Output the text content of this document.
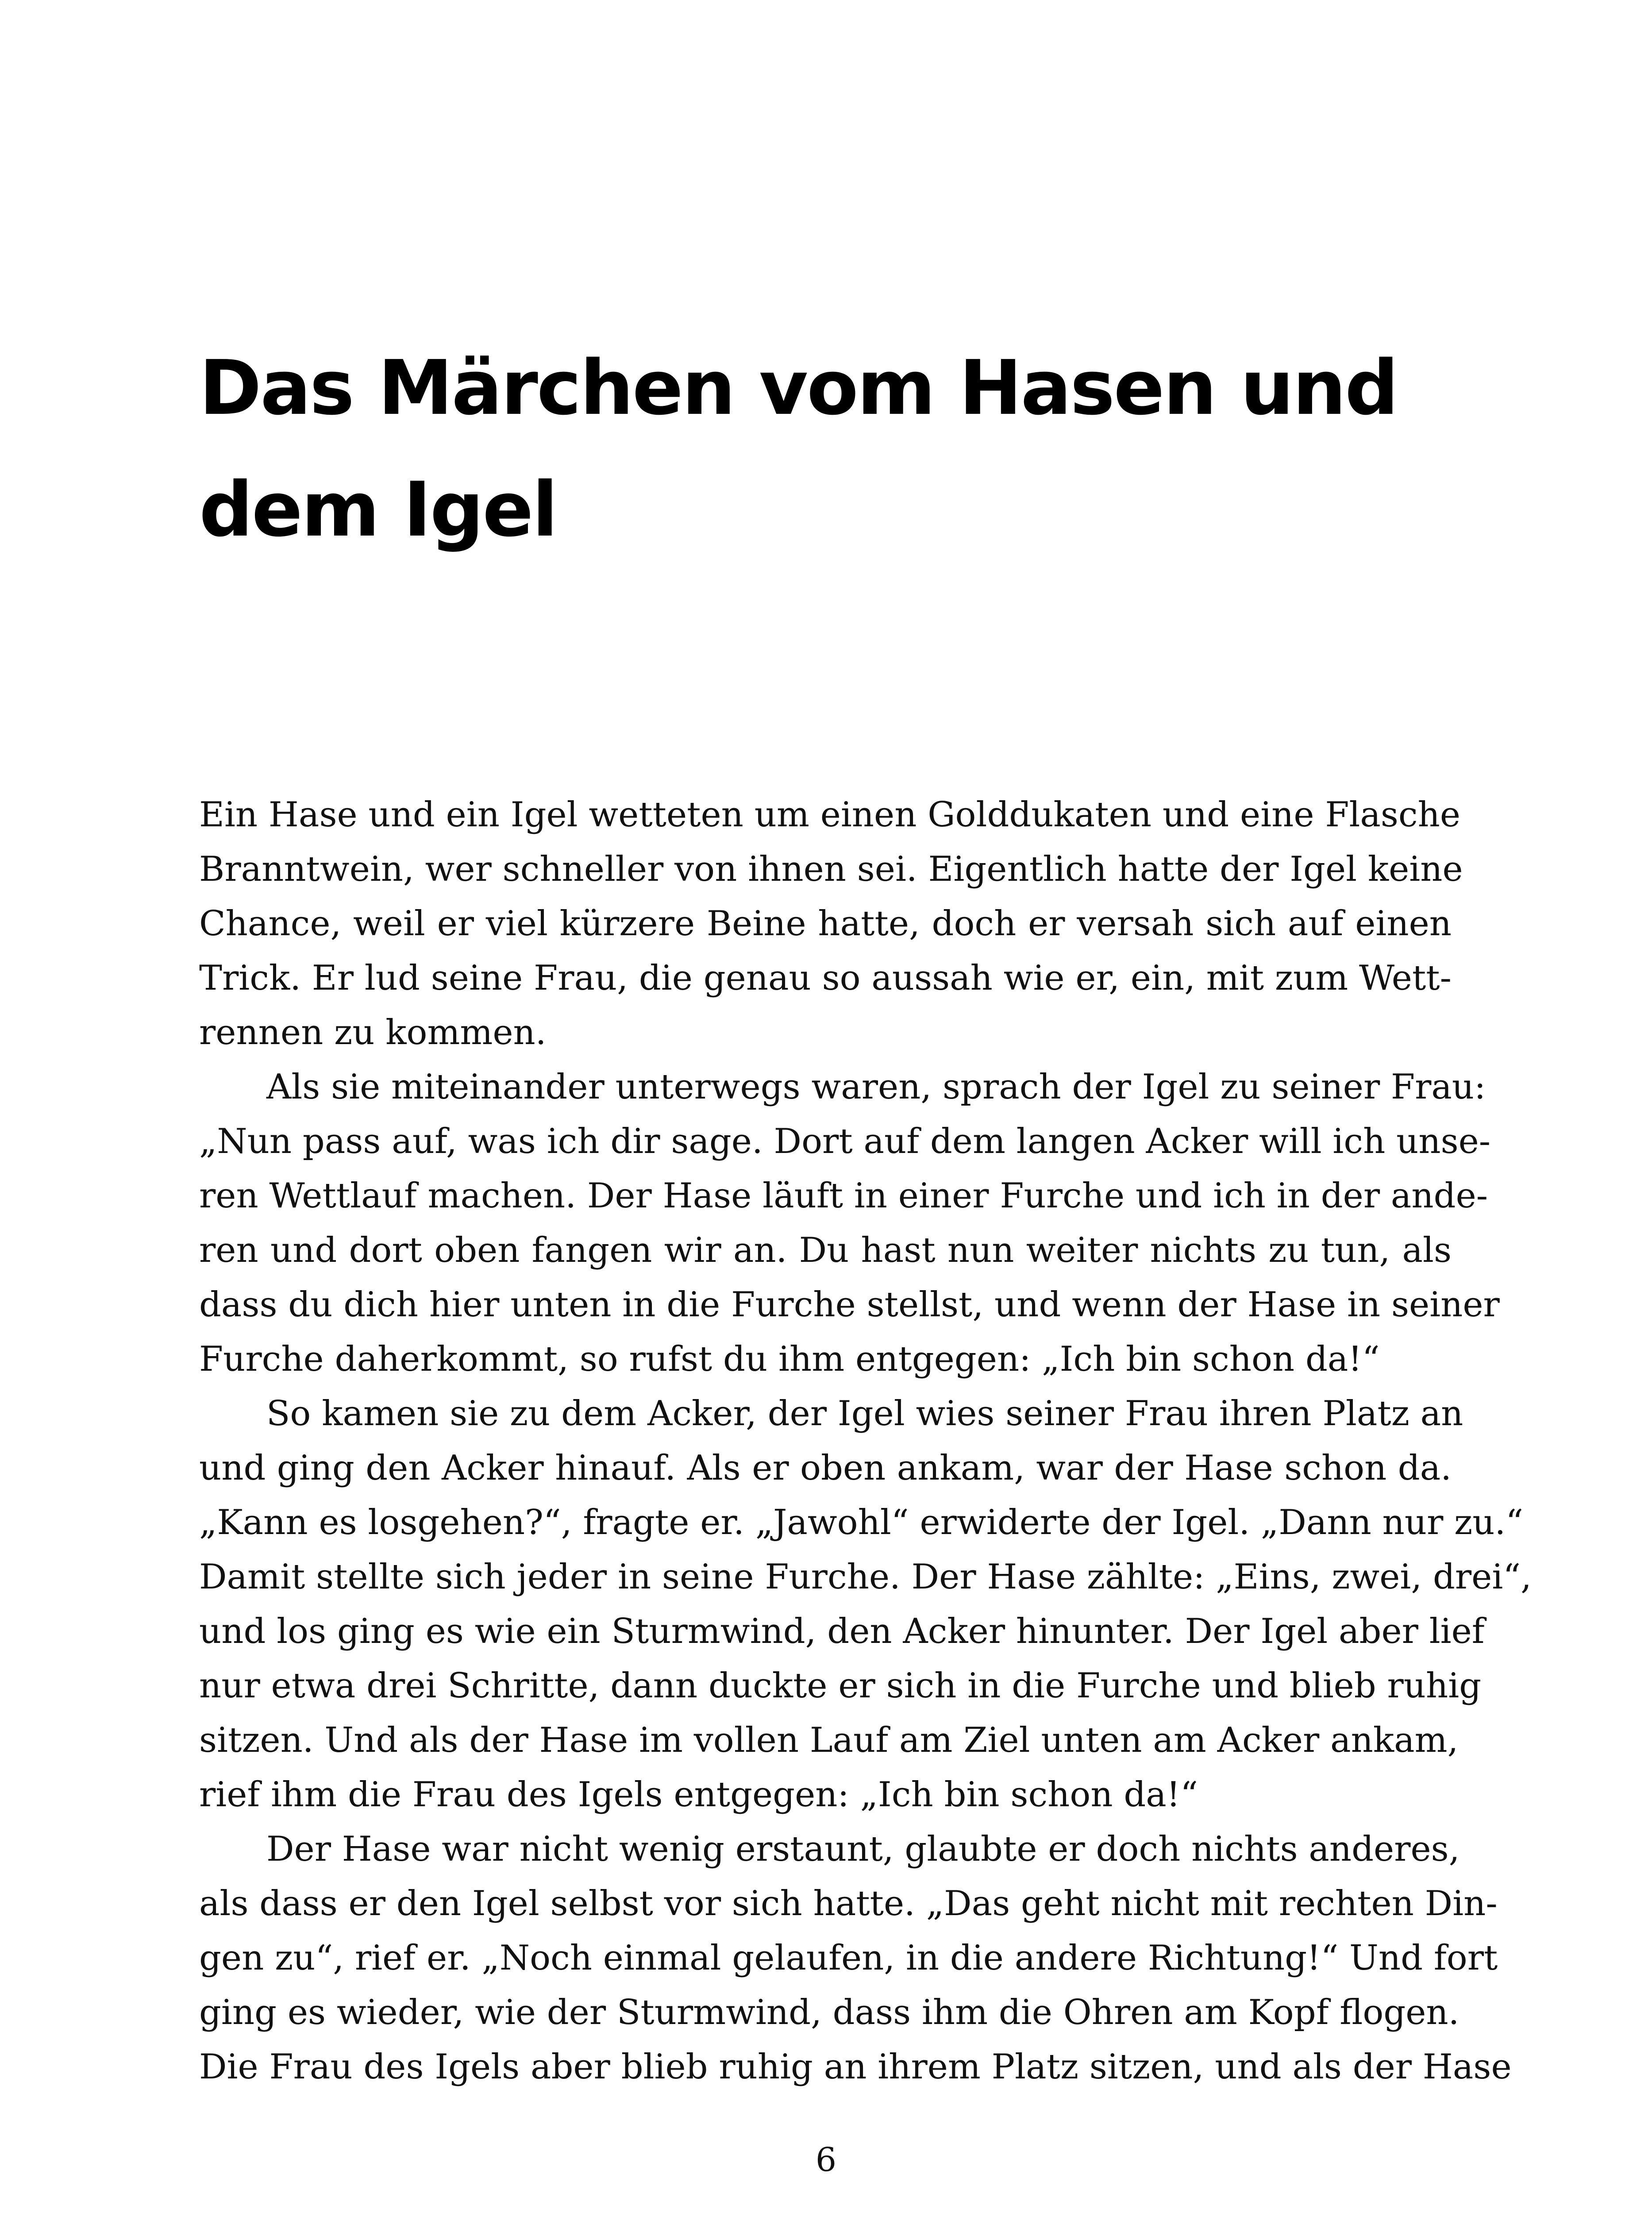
Das Märchen vom Hasen und
dem Igel
Ein Hase und ein Igel wetteten um einen Golddukaten und eine Flasche
Branntwein, wer schneller von ihnen sei. Eigentlich hatte der Igel keine
Chance, weil er viel kürzere Beine hatte, doch er versah sich auf einen
Trick. Er lud seine Frau, die genau so aussah wie er, ein, mit zum Wett-
rennen zu kommen.
Als sie miteinander unterwegs waren, sprach der Igel zu seiner Frau:
„Nun pass auf, was ich dir sage. Dort auf dem langen Acker will ich unse-
ren Wettlauf machen. Der Hase läuft in einer Furche und ich in der ande-
ren und dort oben fangen wir an. Du hast nun weiter nichts zu tun, als
dass du dich hier unten in die Furche stellst, und wenn der Hase in seiner
Furche daherkommt, so rufst du ihm entgegen: „Ich bin schon da!“
So kamen sie zu dem Acker, der Igel wies seiner Frau ihren Platz an
und ging den Acker hinauf. Als er oben ankam, war der Hase schon da.
„Kann es losgehen?“, fragte er. „Jawohl“ erwiderte der Igel. „Dann nur zu.“
Damit stellte sich jeder in seine Furche. Der Hase zählte: „Eins, zwei, drei“,
und los ging es wie ein Sturmwind, den Acker hinunter. Der Igel aber lief
nur etwa drei Schritte, dann duckte er sich in die Furche und blieb ruhig
sitzen. Und als der Hase im vollen Lauf am Ziel unten am Acker ankam,
rief ihm die Frau des Igels entgegen: „Ich bin schon da!“
Der Hase war nicht wenig erstaunt, glaubte er doch nichts anderes,
als dass er den Igel selbst vor sich hatte. „Das geht nicht mit rechten Din-
gen zu“, rief er. „Noch einmal gelaufen, in die andere Richtung!“ Und fort
ging es wieder, wie der Sturmwind, dass ihm die Ohren am Kopf flogen.
Die Frau des Igels aber blieb ruhig an ihrem Platz sitzen, und als der Hase
6
